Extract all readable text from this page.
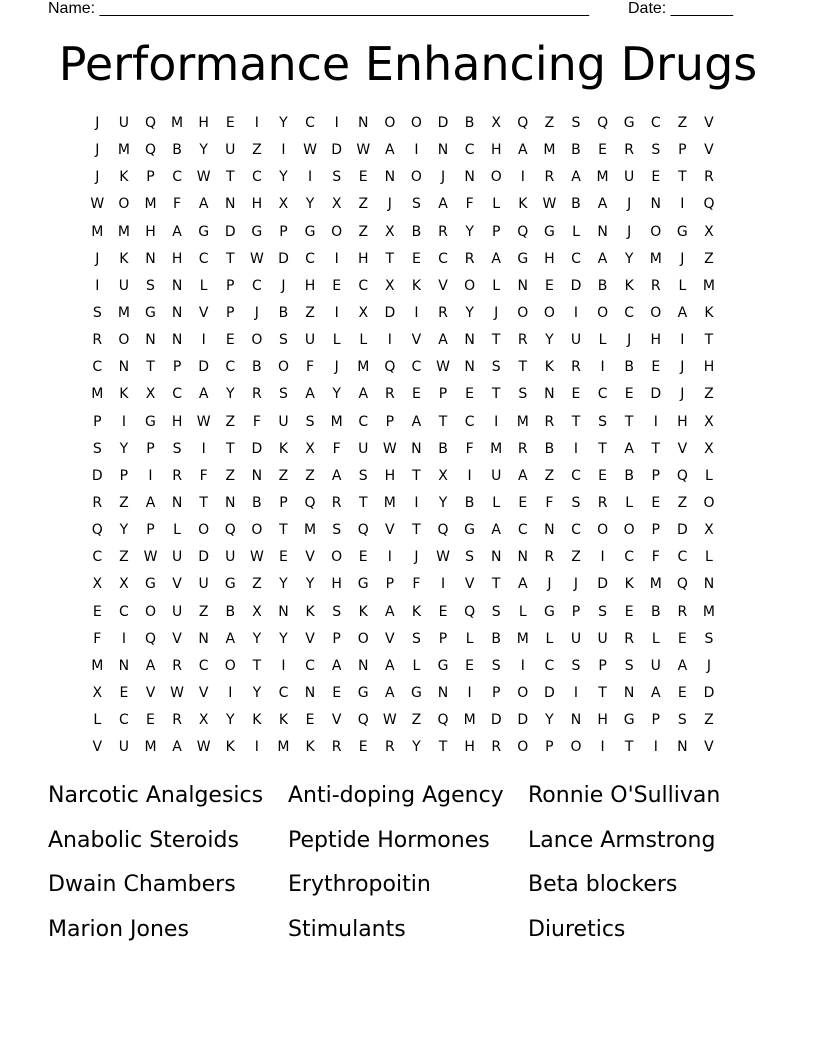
Name: _______________________________________________________ Date: _______
Performance Enhancing Drugs
J	U	Q	M	H	E	I	Y	C	I	N	O	O	D	B	X	Q	Z	S	Q	G	C	Z	V
J	M	Q	B	Y	U	Z	I	W	D	W	A	I	N	C	H	A	M	B	E	R	S	P	V
J	K	P	C	W	T	C	Y	I	S	E	N	O	J	N	O	I	R	A	M	U	E	T	R
W	O	M	F	A	N	H	X	Y	X	Z	J	S	A	F	L	K	W	B	A	J	N	I	Q
M	M	H	A	G	D	G	P	G	O	Z	X	B	R	Y	P	Q	G	L	N	J	O	G	X
J	K	N	H	C	T	W	D	C	I	H	T	E	C	R	A	G	H	C	A	Y	M	J	Z
I	U	S	N	L	P	C	J	H	E	C	X	K	V	O	L	N	E	D	B	K	R	L	M
S	M	G	N	V	P	J	B	Z	I	X	D	I	R	Y	J	O	O	I	O	C	O	A	K
R	O	N	N	I	E	O	S	U	L	L	I	V	A	N	T	R	Y	U	L	J	H	I	T
C	N	T	P	D	C	B	O	F	J	M	Q	C	W	N	S	T	K	R	I	B	E	J	H
M	K	X	C	A	Y	R	S	A	Y	A	R	E	P	E	T	S	N	E	C	E	D	J	Z
P	I	G	H	W	Z	F	U	S	M	C	P	A	T	C	I	M	R	T	S	T	I	H	X
S	Y	P	S	I	T	D	K	X	F	U	W	N	B	F	M	R	B	I	T	A	T	V	X
D	P	I	R	F	Z	N	Z	Z	A	S	H	T	X	I	U	A	Z	C	E	B	P	Q	L
R	Z	A	N	T	N	B	P	Q	R	T	M	I	Y	B	L	E	F	S	R	L	E	Z	O
Q	Y	P	L	O	Q	O	T	M	S	Q	V	T	Q	G	A	C	N	C	O	O	P	D	X
C	Z	W	U	D	U	W	E	V	O	E	I	J	W	S	N	N	R	Z	I	C	F	C	L
X	X	G	V	U	G	Z	Y	Y	H	G	P	F	I	V	T	A	J	J	D	K	M	Q	N
E	C	O	U	Z	B	X	N	K	S	K	A	K	E	Q	S	L	G	P	S	E	B	R	M
F	I	Q	V	N	A	Y	Y	V	P	O	V	S	P	L	B	M	L	U	U	R	L	E	S
M	N	A	R	C	O	T	I	C	A	N	A	L	G	E	S	I	C	S	P	S	U	A	J
X	E	V	W	V	I	Y	C	N	E	G	A	G	N	I	P	O	D	I	T	N	A	E	D
L	C	E	R	X	Y	K	K	E	V	Q	W	Z	Q	M	D	D	Y	N	H	G	P	S	Z
V	U	M	A	W	K	I	M	K	R	E	R	Y	T	H	R	O	P	O	I	T	I	N	V
Narcotic Analgesics	Anti-doping Agency	Ronnie O'Sullivan
Anabolic Steroids	Peptide Hormones	Lance Armstrong
Dwain Chambers	Erythropoitin	Beta blockers
Marion Jones	Stimulants	Diuretics
